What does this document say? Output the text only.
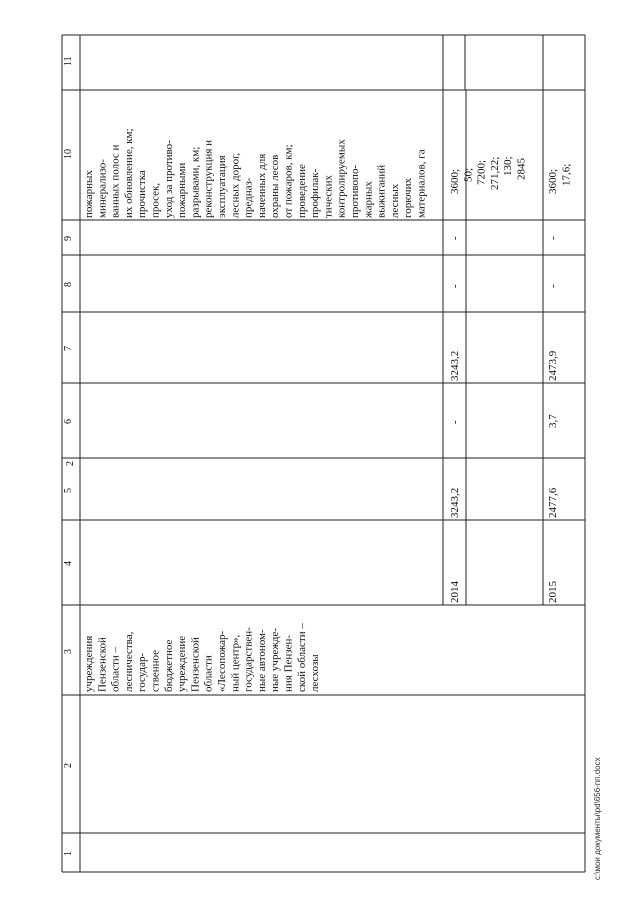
2
1
2
3
4
5
6
7
8
9
10
11
учреждения Пензенской области – лесничества, государ- ственное бюджетное учреждение Пензенской области «Лесопожар- ный центр», государствен- ные автоном- ные учрежде- ния Пензен- ской области – лесхозы
пожарных минерализо- ванных полос и их обновление, км; прочистка просек, уход за противо- пожарными разрывами, км; реконструкция и эксплуатация лесных дорог, предназ- наченных для охраны лесов от пожаров, км; проведение профилак- тических контролируемых противопо- жарных выжиганий лесных горючих материалов, га
2014
3243,2
-
3243,2
-
-
3600; 50; 7200; 271,22; 130; 2845
2015
2477,6
3,7
2473,9
-
-
3600; 17,6;
c:\мои документы\pd\656-пп.docx
